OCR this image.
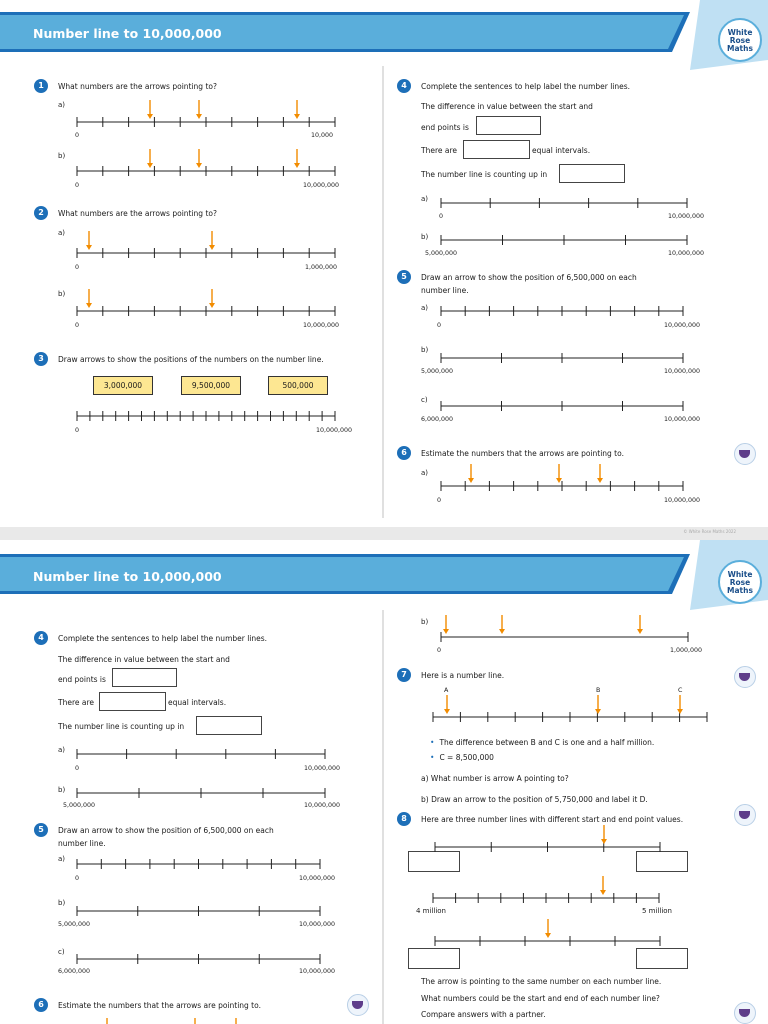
Number line to 10,000,000	White
Rose
Maths
1	What numbers are the arrows pointing to?
a)
0	10,000
b)
0	10,000,000
2	What numbers are the arrows pointing to?
a)
0	1,000,000
b)
0	10,000,000
3	Draw arrows to show the positions of the numbers on the number line.
3,000,000	9,500,000	500,000
0	10,000,000
4	Complete the sentences to help label the number lines.
The difference in value between the start and
end points is
There are	equal intervals.
The number line is counting up in
a)
0	10,000,000
b)
5,000,000	10,000,000
5	Draw an arrow to show the position of 6,500,000 on each
number line.
a)
0	10,000,000
b)
5,000,000	10,000,000
c)
6,000,000	10,000,000
6	Estimate the numbers that the arrows are pointing to.
a)
0	10,000,000
© White Rose Maths 2022
Number line to 10,000,000	White
Rose
Maths
4	Complete the sentences to help label the number lines.
The difference in value between the start and
end points is
There are	equal intervals.
The number line is counting up in
a)
0	10,000,000
b)
5,000,000	10,000,000
5	Draw an arrow to show the position of 6,500,000 on each
number line.
a)
0	10,000,000
b)
5,000,000	10,000,000
c)
6,000,000	10,000,000
6	Estimate the numbers that the arrows are pointing to.
b)
0	1,000,000
7	Here is a number line.
A	B	C
• The difference between B and C is one and a half million.
• C = 8,500,000
a) What number is arrow A pointing to?
b) Draw an arrow to the position of 5,750,000 and label it D.
8	Here are three number lines with different start and end point values.
4 million	5 million
The arrow is pointing to the same number on each number line.
What numbers could be the start and end of each number line?
Compare answers with a partner.
